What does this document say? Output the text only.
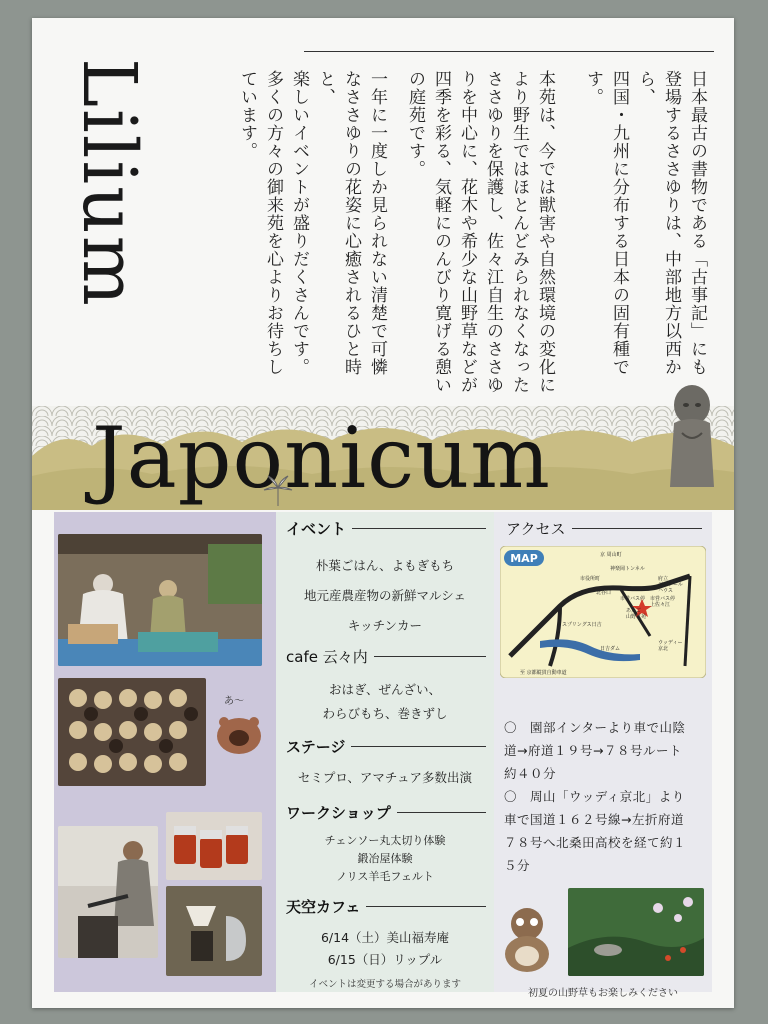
日本最古の書物である「古事記」にも

登場するささゆりは、中部地方以西から、

四国・九州に分布する日本の固有種です。

本苑は、今では獣害や自然環境の変化に

より野生ではほとんどみられなくなった

ささゆりを保護し、佐々江自生のささゆ

りを中心に、花木や希少な山野草などが

四季を彩る、気軽にのんびり寛げる憩い

の庭苑です。

一年に一度しか見られない清楚で可憐

なささゆりの花姿に心癒されるひと時と、

楽しいイベントが盛りだくさんです。

多くの方々の御来苑を心よりお待ちし

ています。

Lilium
Japonicum
あ〜
イベント
朴葉ごはん、よもぎもち
地元産農産物の新鮮マルシェ
キッチンカー
cafe 云々内
おはぎ、ぜんざい、
わらびもち、巻きずし
ステージ
セミプロ、アマチュア多数出演
ワークショップ
チェンソー丸太切り体験
鍛冶屋体験
ノリス羊毛フェルト
天空カフェ
6/14（土）美山福寿庵
6/15（日）リップル
イベントは変更する場合があります
アクセス
MAP	京 周山町
神楽岡トンネル
市役所町
市営バス停
北谷口
府立
ゼミナール
ハウス
市営バス停
上佐々江
あたご
山野草苑
スプリングス日吉
日吉ダム
ウッディー
京北
至 京都縦貫自動車道
〇　園部インターより車で山陰
道→府道１９号→７８号ルート
約４０分
〇　周山「ウッディ京北」より
車で国道１６２号線→左折府道
７８号へ北桑田高校を経て約１
５分
初夏の山野草もお楽しみください
